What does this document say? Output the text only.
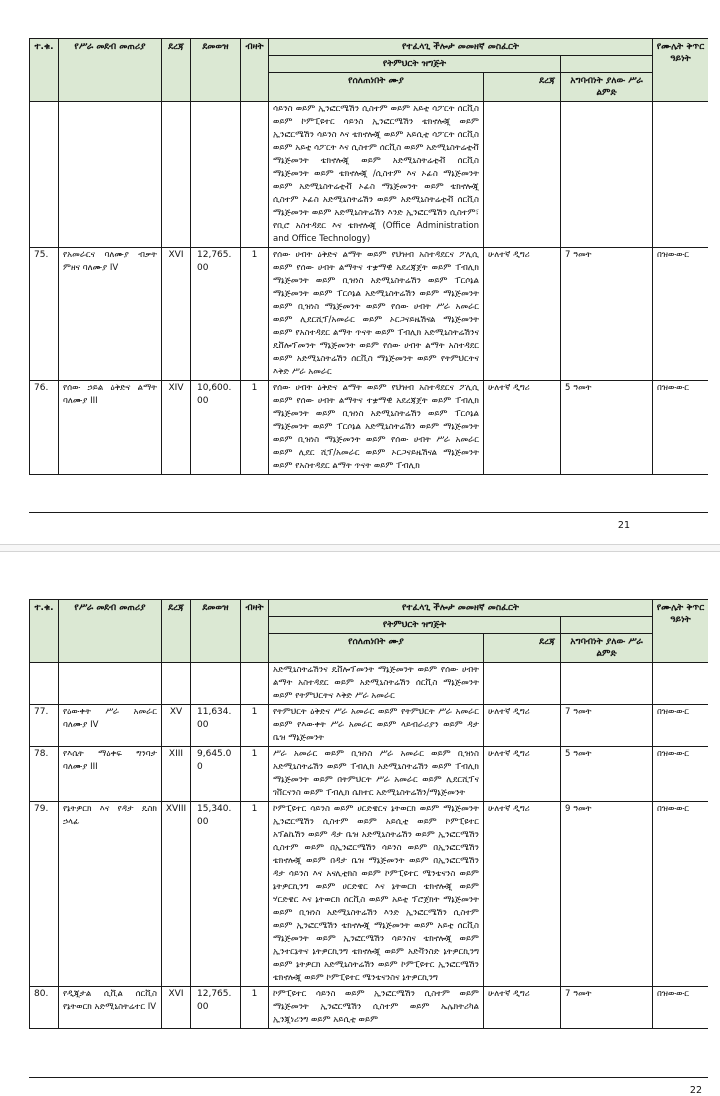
ተ.ቁ.	የሥራ መደብ መጠሪያ	ደረጃ	ደመወዝ	ብዛት	የተፈላጊ ችሎታ መመዘኛ መስፈርት			የሙሌት ቅጥር ዓይነት
					የትምህርት ዝግጅት			
					የሰለጠነበት ሙያ	ደረጃ	አግባብነት ያለው ሥራ ልምድ	
					ሳይንስ ወይም ኢንፎርሜሽን ሲስተም ወይም አይቲ ሳፖርት ሰርቪስ ወይም ኮምፒዩተር ሳይንስ ኢንፎርሜሽን ቴክኖሎጂ ወይም ኢንፎርሜሽን ሳይንስ እና ቴክኖሎጂ ወይም አይሲቲ ሳፖርት ሰርቪስ ወይም አይቲ ሳፖርት እና ሲስተም ሰርቪስ ወይም አድሚኒስትሬቲቭ ማኔጅመንት ቴክኖሎጂ ወይም አድሚኒስትሬቲቭ ሰርቪስ ማኔጅመንት ወይም ቴክኖሎጂ /ሲስተም እና ኦፊስ ማኔጅመንት ወይም አድሚኒስትሬቲቭ ኦፊስ ማኔጅመንት ወይም ቴክኖሎጂ ሲስተም ኦፊስ አድሚኒስትሬሽን ወይም አድሚኒስትሬቲቭ ሰርቪስ ማኔጅመንት ወይም አድሚኒስትሬሽን እንድ ኢንፎርሜሽን ሲስተም፣ የቢሮ አስተዳደር እና ቴክኖሎጂ (Office Administration and Office Technology)			
75.	የአመራርና ባለሙያ ብቃት ምዘና ባለሙያ IV	XVI	12,765.00	1	የሰው ሀብት ዕቅድና ልማት ወይም የህዝብ አስተዳደርና ፖሊሲ ወይም የሰው ሀብት ልማትና ተቋማዊ አደረጃጀት ወይም ፐብሊክ ማኔጅመንት ወይም ቢዝነስ አድሚኒስትሬሽን ወይም ፐርሶኔል ማኔጅመንት ወይም ፐርሶኔል አድሚኒስትሬሽን ወይም ማኔጅመንት ወይም ቢዝነስ ማኔጅመንት ወይም የሰው ሀብት ሥራ አመራር ወይም ሊደርሺፕ/አመራር ወይም ኦርጋናይዜሽናል ማኔጅመንት ወይም የአስተዳደር ልማት ጥናት ወይም ፐብሊክ አድሚኒስትሬሽንና ዴቨሎፕመንት ማኔጅመንት ወይም የሰው ሀብት ልማት አስተዳደር ወይም አድሚኒስትሬሽን ሰርቪስ ማኔጅመንት ወይም የትምህርትና እቅድ ሥራ አመራር	ሁለተኛ ዲግሪ	7 ዓመት	በዝውውር
76.	የሰው ኃይል ዕቅድና ልማት ባለሙያ III	XIV	10,600.00	1	የሰው ሀብት ዕቅድና ልማት ወይም የህዝብ አስተዳደርና ፖሊሲ ወይም የሰው ሀብት ልማትና ተቋማዊ አደረጃጀት ወይም ፐብሊክ ማኔጅመንት ወይም ቢዝነስ አድሚኒስትሬሽን ወይም ፐርሶኔል ማኔጅመንት ወይም ፐርሶኔል አድሚኒስትሬሽን ወይም ማኔጅመንት ወይም ቢዝነስ ማኔጅመንት ወይም የሰው ሀብት ሥራ አመራር ወይም ሊደር ሺፕ/አመራር ወይም ኦርጋናይዜሽናል ማኔጅመንት ወይም የአስተዳደር ልማት ጥናት ወይም ፐብሊክ	ሁለተኛ ዲግሪ	5 ዓመት	በዝውውር
21
ተ.ቁ.	የሥራ መደብ መጠሪያ	ደረጃ	ደመወዝ	ብዛት	የተፈላጊ ችሎታ መመዘኛ መስፈርት			የሙሌት ቅጥር ዓይነት
					የትምህርት ዝግጅት			
					የሰለጠነበት ሙያ	ደረጃ	አግባብነት ያለው ሥራ ልምድ	
					አድሚኒስትሬሽንና ዴቨሎፕመንት ማኔጅመንት ወይም የሰው ሀብት ልማት አስተዳደር ወይም አድሚኒስትሬሽን ሰርቪስ ማኔጅመንት ወይም የትምህርትና እቅድ ሥራ አመራር			
77.	የዕውቀት ሥራ አመራር ባለሙያ IV	XV	11,634.00	1	የትምህርት ዕቅድና ሥራ አመራር ወይም የትምህርት ሥራ አመራር ወይም የእውቀት ሥራ አመራር ወይም ላይብራሪያን ወይም ዳታ ቤዝ ማኔጅመንት	ሁለተኛ ዲግሪ	7 ዓመት	በዝውውር
78.	የእሴት ማዕቀፍ ግንባታ ባለሙያ III	XIII	9,645.00	1	ሥራ አመራር ወይም ቢዝነስ ሥራ አመራር ወይም ቢዝነስ አድሚኒስትሬሽን ወይም ፐብሊክ አድሚኒስትሬሽን ወይም ፐብሊክ ማኔጅመንት ወይም በትምህርት ሥራ አመራር ወይም ሊደርሺፕና ገቨርናንስ ወይም ፐብሊክ ሴክተር አድሚኒስትሬሽን/ማኔጅመንት	ሁለተኛ ዲግሪ	5 ዓመት	በዝውውር
79.	የኔትዎርክ እና የዳታ ዴስክ ኃላፊ	XVIII	15,340.00	1	ኮምፒዩተር ሳይንስ ወይም ሀርድዌርና ኔትወርክ ወይም ማኔጅመንት ኢንፎርሜሽን ሲስተም ወይም አይሲቲ ወይም ኮምፒዩተር አፕልኬሽን ወይም ዳታ ቤዝ አድሚኒስትሬሽን ወይም ኢንፎርሜሽን ሲስተም ወይም በኢንፎርሜሽን ሳይንስ ወይም በኢንፎርሜሽን ቴክኖሎጂ ወይም በዳታ ቤዝ ማኔጅመንት ወይም በኢንፎርሜሽን ዳታ ሳይንስ እና አናሊቲክስ ወይም ኮምፒዩተር ሜንቴናንስ ወይም ኔትዎርኪንግ ወይም ሀርድዌር እና ኔትወርክ ቴክኖሎጂ ወይም ሃርድዌር እና ኔትወርክ ሰርቪስ ወይም አይቲ ፕሮጀክት ማኔጅመንት ወይም ቢዝነስ አድሚኒስትሬሽን እንድ ኢንፎርሜሽን ሲስተም ወይም ኢንፎርሜሽን ቴክኖሎጂ ማኔጅመንት ወይም አይቲ ሰርቪስ ማኔጅመንት ወይም ኢንፎርሜሽን ሳይንስና ቴክኖሎጂ ወይም ኢንተርኔትና ኔትዎርኪንግ ቴክኖሎጂ ወይም አድቫንስድ ኔትዎርኪንግ ወይም ኔትዎርክ አድሚኒስትሬሽን ወይም ኮምፒዩተር ኢንፎርሜሽን ቴክኖሎጂ ወይም ኮምፒዩተር ሜንቴናንስና ኔትዎርኪንግ	ሁለተኛ ዲግሪ	9 ዓመት	በዝውውር
80.	የዲጂታል ሲቪል ሰርቪስ የኔትወርክ አድሚኒስትሬተር IV	XVI	12,765.00	1	ኮምፒዩተር ሳይንስ ወይም ኢንፎርሜሽን ሲስተም ወይም ማኔጅመንት ኢንፎርሜሽን ሲስተም ወይም ኤሌክትሪካል ኢንጂነሪንግ ወይም አይሲቲ ወይም	ሁለተኛ ዲግሪ	7 ዓመት	በዝውውር
22
